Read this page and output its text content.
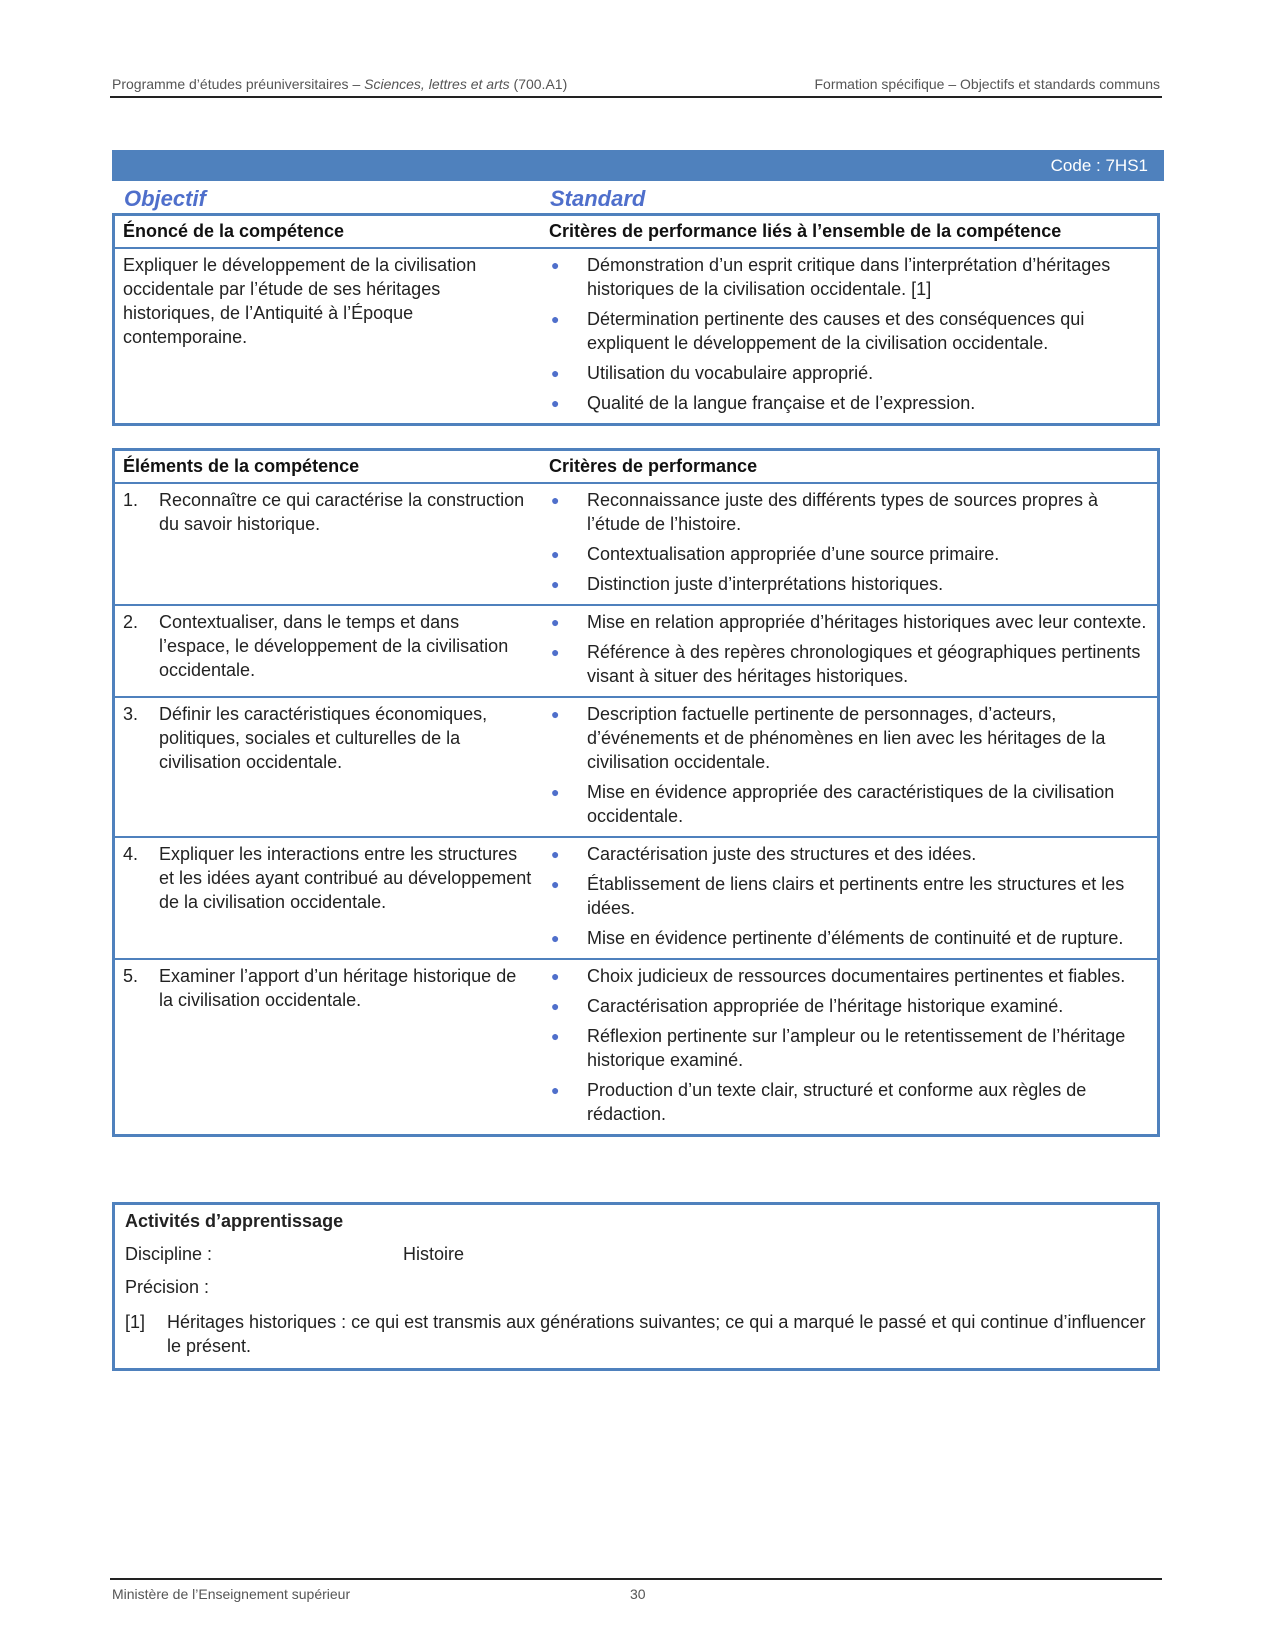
Programme d’études préuniversitaires – Sciences, lettres et arts (700.A1)	Formation spécifique – Objectifs et standards communs
Code : 7HS1
Objectif	Standard
Énoncé de la compétence	Critères de performance liés à l’ensemble de la compétence
Expliquer le développement de la civilisation occidentale par l’étude de ses héritages historiques, de l’Antiquité à l’Époque contemporaine.
●	Démonstration d’un esprit critique dans l’interprétation d’héritages historiques de la civilisation occidentale. [1]
●	Détermination pertinente des causes et des conséquences qui expliquent le développement de la civilisation occidentale.
●	Utilisation du vocabulaire approprié.
●	Qualité de la langue française et de l’expression.
Éléments de la compétence	Critères de performance
1.	Reconnaître ce qui caractérise la construction du savoir historique.
●	Reconnaissance juste des différents types de sources propres à l’étude de l’histoire.
●	Contextualisation appropriée d’une source primaire.
●	Distinction juste d’interprétations historiques.
2.	Contextualiser, dans le temps et dans l’espace, le développement de la civilisation occidentale.
●	Mise en relation appropriée d’héritages historiques avec leur contexte.
●	Référence à des repères chronologiques et géographiques pertinents visant à situer des héritages historiques.
3.	Définir les caractéristiques économiques, politiques, sociales et culturelles de la civilisation occidentale.
●	Description factuelle pertinente de personnages, d’acteurs, d’événements et de phénomènes en lien avec les héritages de la civilisation occidentale.
●	Mise en évidence appropriée des caractéristiques de la civilisation occidentale.
4.	Expliquer les interactions entre les structures et les idées ayant contribué au développement de la civilisation occidentale.
●	Caractérisation juste des structures et des idées.
●	Établissement de liens clairs et pertinents entre les structures et les idées.
●	Mise en évidence pertinente d’éléments de continuité et de rupture.
5.	Examiner l’apport d’un héritage historique de la civilisation occidentale.
●	Choix judicieux de ressources documentaires pertinentes et fiables.
●	Caractérisation appropriée de l’héritage historique examiné.
●	Réflexion pertinente sur l’ampleur ou le retentissement de l’héritage historique examiné.
●	Production d’un texte clair, structuré et conforme aux règles de rédaction.
Activités d’apprentissage
Discipline :	Histoire
Précision :
[1]	Héritages historiques : ce qui est transmis aux générations suivantes; ce qui a marqué le passé et qui continue d’influencer le présent.
Ministère de l’Enseignement supérieur	30
